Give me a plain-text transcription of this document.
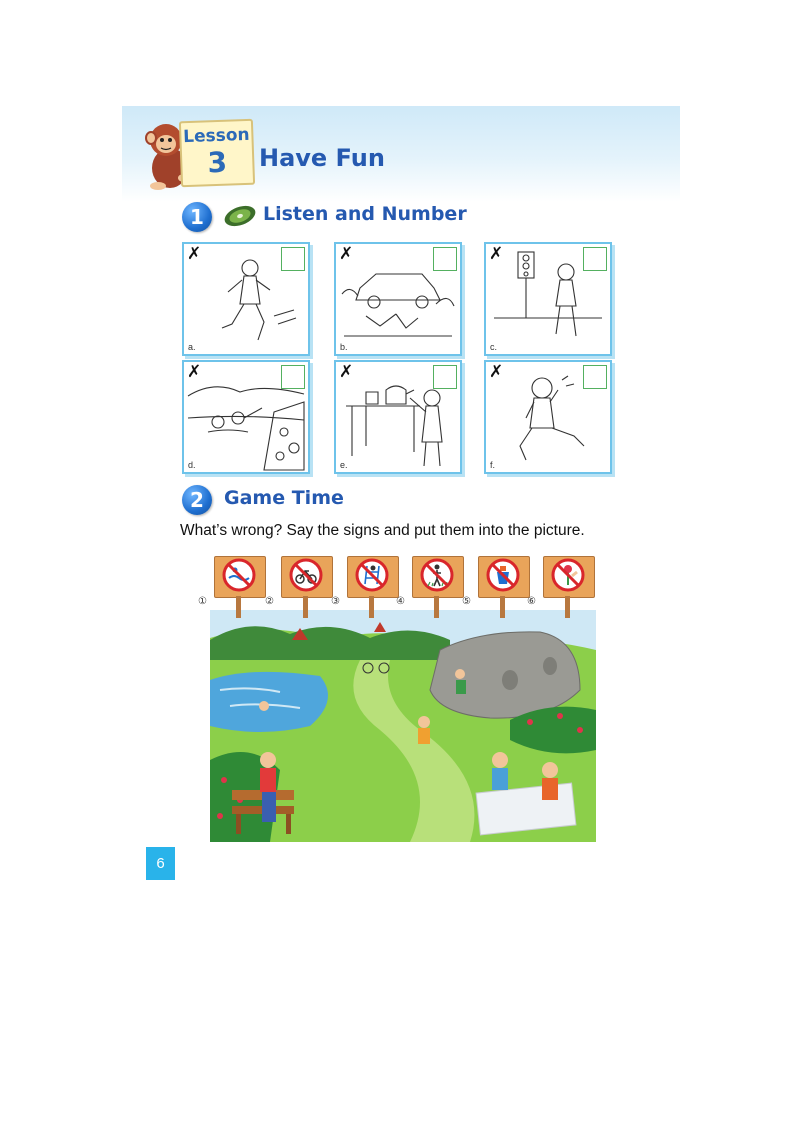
Lesson
3	Have Fun
1	Listen and Number
✗
a.
✗
b.
✗
c.
✗
d.
✗
e.
✗
f.
2	Game Time
What’s wrong? Say the signs and put them into the picture.
①	②	③	④	⑤	⑥
6
